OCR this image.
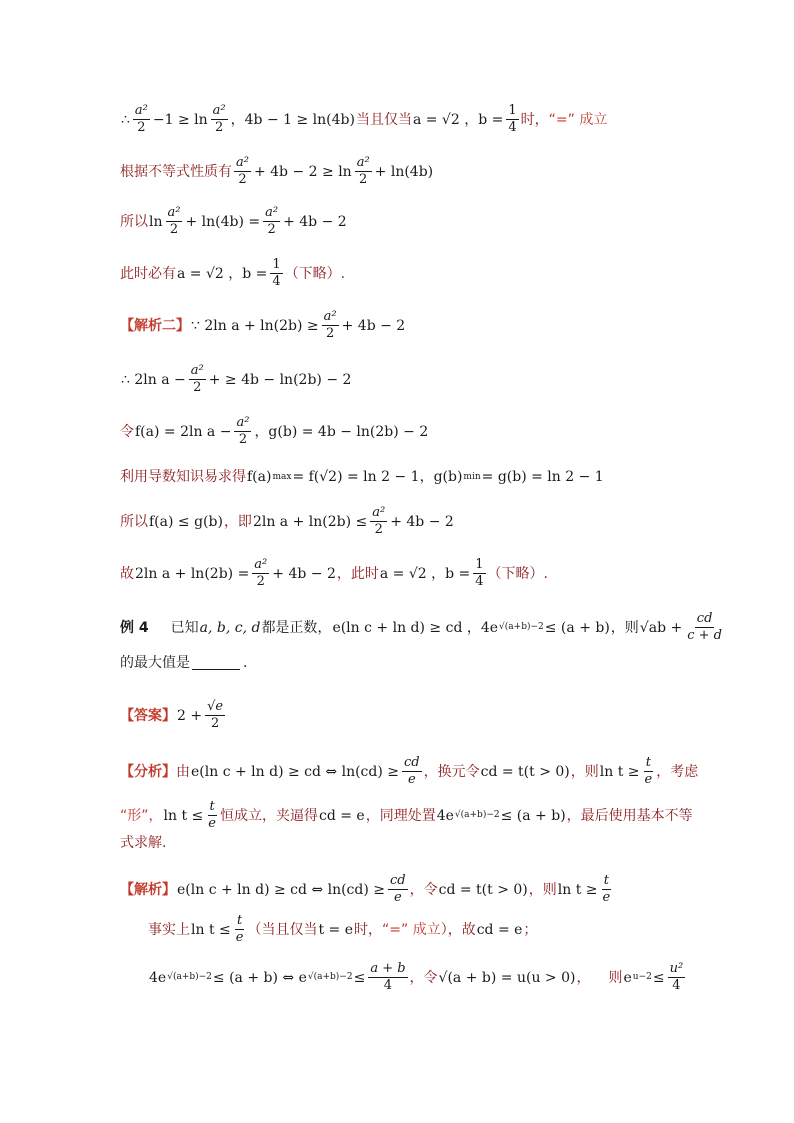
∴ $\frac{\text{a²}}{2} -1 \ge \ln \frac{\text{a²}}{2}$ ，4b − 1 ≥ ln(4b) 当且仅当 a = √2 ，$b = \frac{1}{4}$ 时， “=” 成立
根据不等式性质有 $\frac{\text{a²}}{2} + 4b - 2 \ge \ln \frac{\text{a²}}{2} + \ln(4b)$
所以 $\ln \frac{\text{a²}}{2} + \ln(4b) = \frac{\text{a²}}{2} + 4b - 2$
此时必有 a = √2 ，$b = \frac{1}{4}$ （下略）.
【解析二】 ∵ 2ln $a + \ln(2b) \ge \frac{\text{a²}}{2} + 4b - 2$
∴ 2ln $a - \frac{\text{a²}}{2}$ + ≥ 4b − ln(2b) − 2
令 f(a) = 2ln $a - \frac{\text{a²}}{2}$ ，g(b) = 4b − ln(2b) − 2
利用导数知识易求得 f(a) max = f(√2) = ln 2 − 1，g(b) min = g(b) = ln 2 − 1
所以 f(a) ≤ g(b) ，即 2ln $a + \ln(2b) \le \frac{\text{a²}}{2} + 4b - 2$
故 2ln $a + \ln(2b) = \frac{\text{a²}}{2} + 4b - 2$ ，此时 a = √2 ，$b = \frac{1}{4}$ （下略）.
例 4 已知 a, b, c, d 都是正数， e(ln c + ln d) ≥ cd ，4e √(a+b)−2 ≤ (a + b) ，则 $√ab + \frac{cd}{c + d}$
的最大值是	.
【答案】 $2 + \frac{√e}{2}$
【分析】 由 e(ln c + ln d) ≥ cd ⇔ $\ln(cd) \ge \frac{cd}{e}$ ，换元令 cd = t(t > 0) ，则 $\ln t \ge \frac{t}{e}$ ，考虑
“形”， $\ln t \le \frac{t}{e}$ 恒成立，夹逼得 cd = e ，同理处置 4e √(a+b)−2 ≤ (a + b) ，最后使用基本不等
式求解.
【解析】 e(ln c + ln d) ≥ cd ⇔ $\ln(cd) \ge \frac{cd}{e}$ ，令 cd = t(t > 0) ，则 $\ln t \ge \frac{t}{e}$
事实上 $\ln t \le \frac{t}{e}$ （当且仅当 t = e 时， “=” 成立 ），故 cd = e ；
4e √(a+b)−2 ≤ (a + b) ⇔ e $√(a+b)-2 \le \frac{a + b}{4}$ ，令 √(a + b) = u(u > 0) ， 则 e $u-2 \le \frac{\text{u²}}{4}$
